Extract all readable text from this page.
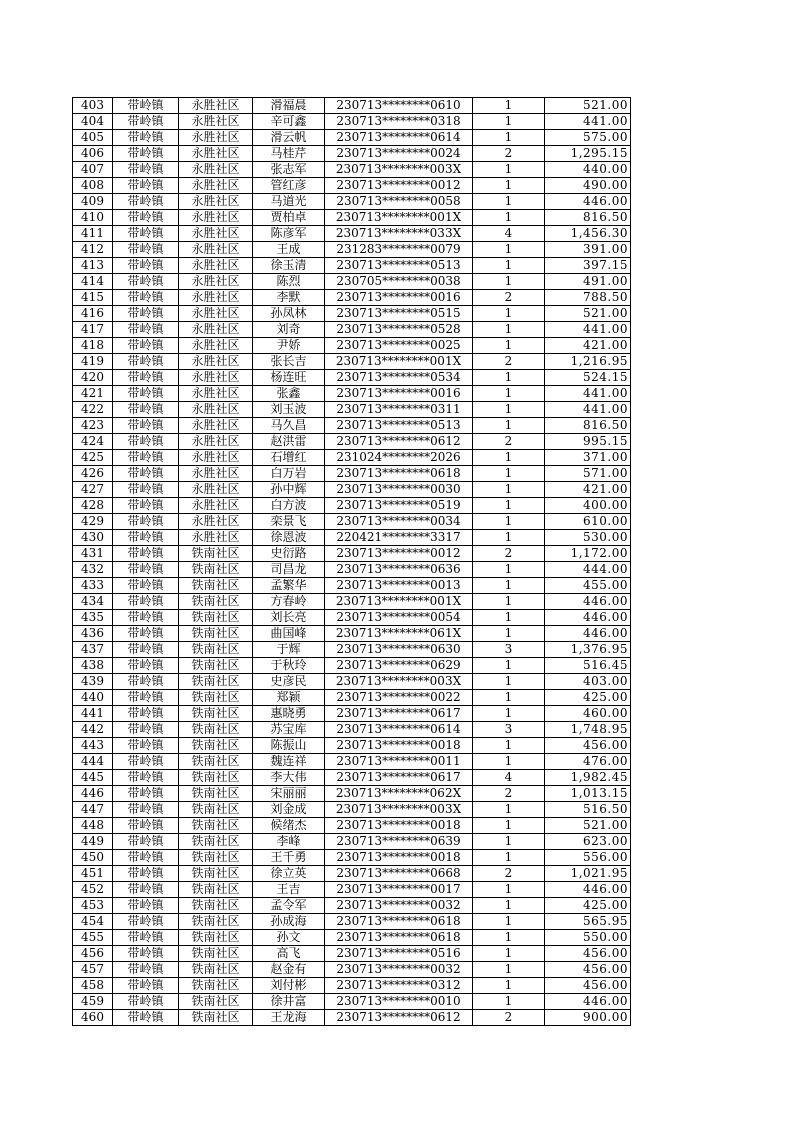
403	带岭镇	永胜社区	滑福晨	230713********0610	1	521.00
404	带岭镇	永胜社区	辛可鑫	230713********0318	1	441.00
405	带岭镇	永胜社区	滑云帆	230713********0614	1	575.00
406	带岭镇	永胜社区	马桂芹	230713********0024	2	1,295.15
407	带岭镇	永胜社区	张志军	230713********003X	1	440.00
408	带岭镇	永胜社区	管红彦	230713********0012	1	490.00
409	带岭镇	永胜社区	马道光	230713********0058	1	446.00
410	带岭镇	永胜社区	贾柏卓	230713********001X	1	816.50
411	带岭镇	永胜社区	陈彦军	230713********033X	4	1,456.30
412	带岭镇	永胜社区	王成	231283********0079	1	391.00
413	带岭镇	永胜社区	徐玉清	230713********0513	1	397.15
414	带岭镇	永胜社区	陈烈	230705********0038	1	491.00
415	带岭镇	永胜社区	李默	230713********0016	2	788.50
416	带岭镇	永胜社区	孙凤林	230713********0515	1	521.00
417	带岭镇	永胜社区	刘奇	230713********0528	1	441.00
418	带岭镇	永胜社区	尹娇	230713********0025	1	421.00
419	带岭镇	永胜社区	张长吉	230713********001X	2	1,216.95
420	带岭镇	永胜社区	杨连旺	230713********0534	1	524.15
421	带岭镇	永胜社区	张鑫	230713********0016	1	441.00
422	带岭镇	永胜社区	刘玉波	230713********0311	1	441.00
423	带岭镇	永胜社区	马久昌	230713********0513	1	816.50
424	带岭镇	永胜社区	赵洪雷	230713********0612	2	995.15
425	带岭镇	永胜社区	石增红	231024********2026	1	371.00
426	带岭镇	永胜社区	白万岩	230713********0618	1	571.00
427	带岭镇	永胜社区	孙中辉	230713********0030	1	421.00
428	带岭镇	永胜社区	白方波	230713********0519	1	400.00
429	带岭镇	永胜社区	栾景飞	230713********0034	1	610.00
430	带岭镇	永胜社区	徐恩波	220421********3317	1	530.00
431	带岭镇	铁南社区	史衍路	230713********0012	2	1,172.00
432	带岭镇	铁南社区	司昌龙	230713********0636	1	444.00
433	带岭镇	铁南社区	孟繁华	230713********0013	1	455.00
434	带岭镇	铁南社区	方春岭	230713********001X	1	446.00
435	带岭镇	铁南社区	刘长亮	230713********0054	1	446.00
436	带岭镇	铁南社区	曲国峰	230713********061X	1	446.00
437	带岭镇	铁南社区	于辉	230713********0630	3	1,376.95
438	带岭镇	铁南社区	于秋玲	230713********0629	1	516.45
439	带岭镇	铁南社区	史彦民	230713********003X	1	403.00
440	带岭镇	铁南社区	郑颖	230713********0022	1	425.00
441	带岭镇	铁南社区	惠晓勇	230713********0617	1	460.00
442	带岭镇	铁南社区	苏宝库	230713********0614	3	1,748.95
443	带岭镇	铁南社区	陈振山	230713********0018	1	456.00
444	带岭镇	铁南社区	魏连祥	230713********0011	1	476.00
445	带岭镇	铁南社区	李大伟	230713********0617	4	1,982.45
446	带岭镇	铁南社区	宋丽丽	230713********062X	2	1,013.15
447	带岭镇	铁南社区	刘金成	230713********003X	1	516.50
448	带岭镇	铁南社区	候绪杰	230713********0018	1	521.00
449	带岭镇	铁南社区	李峰	230713********0639	1	623.00
450	带岭镇	铁南社区	王千勇	230713********0018	1	556.00
451	带岭镇	铁南社区	徐立英	230713********0668	2	1,021.95
452	带岭镇	铁南社区	王吉	230713********0017	1	446.00
453	带岭镇	铁南社区	孟令军	230713********0032	1	425.00
454	带岭镇	铁南社区	孙成海	230713********0618	1	565.95
455	带岭镇	铁南社区	孙文	230713********0618	1	550.00
456	带岭镇	铁南社区	高飞	230713********0516	1	456.00
457	带岭镇	铁南社区	赵金有	230713********0032	1	456.00
458	带岭镇	铁南社区	刘付彬	230713********0312	1	456.00
459	带岭镇	铁南社区	徐井富	230713********0010	1	446.00
460	带岭镇	铁南社区	王龙海	230713********0612	2	900.00
